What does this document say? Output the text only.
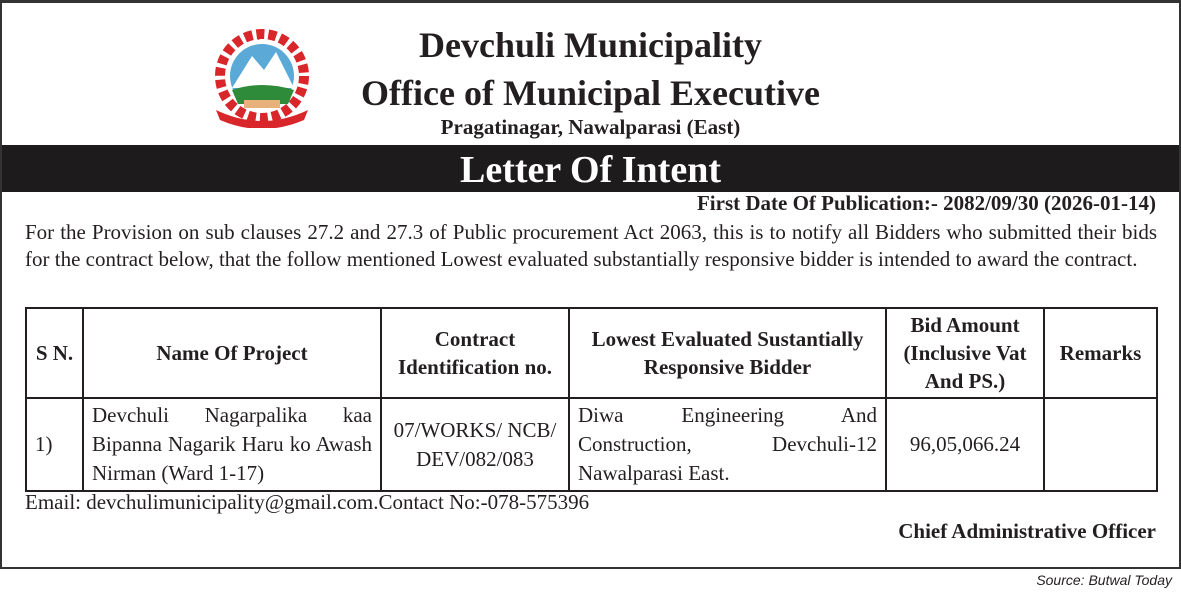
Devchuli Municipality
Office of Municipal Executive
Pragatinagar, Nawalparasi (East)
Letter Of Intent
First Date Of Publication:- 2082/09/30 (2026-01-14)
For the Provision on sub clauses 27.2 and 27.3 of Public procurement Act 2063, this is to notify all Bidders who submitted their bids for the contract below, that the follow mentioned Lowest evaluated substantially responsive bidder is intended to award the contract.
S N.	Name Of Project	Contract Identification no.	Lowest Evaluated Sustantially Responsive Bidder	Bid Amount (Inclusive Vat And PS.)	Remarks
1)	Devchuli Nagarpalika kaa Bipanna Nagarik Haru ko Awash Nirman (Ward 1-17)	07/WORKS/ NCB/ DEV/082/083	Diwa Engineering And Construction, Devchuli-12 Nawalparasi East.	96,05,066.24	
Email: devchulimunicipality@gmail.com.Contact No:-078-575396
Chief Administrative Officer
Source: Butwal Today
